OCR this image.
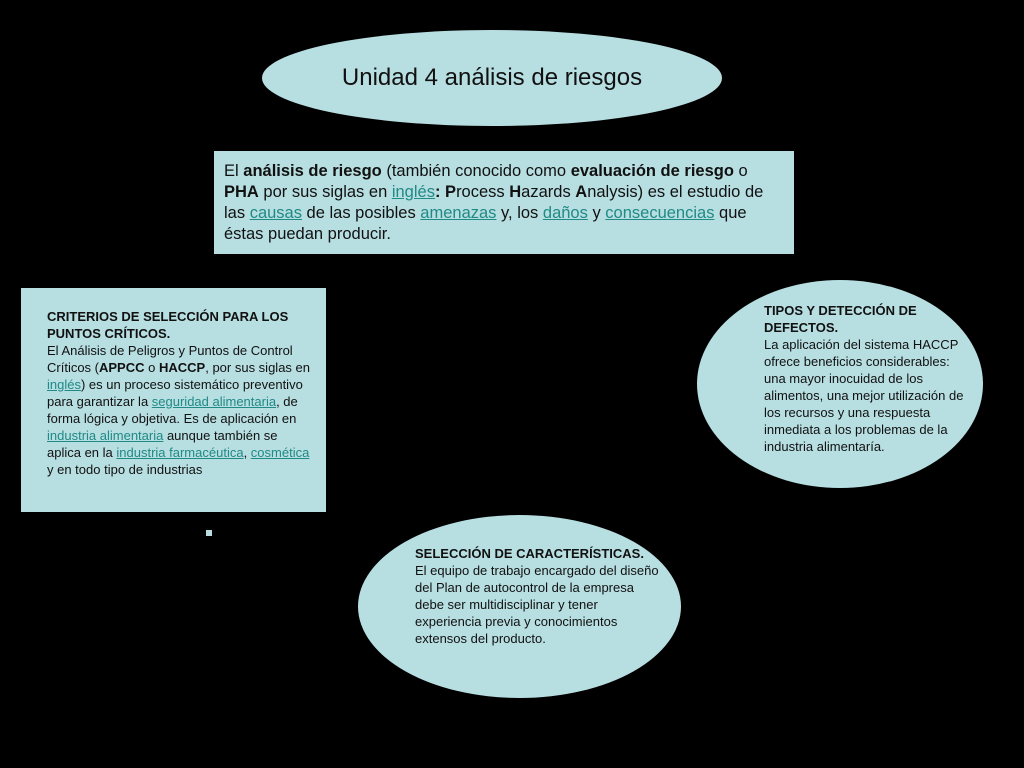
Unidad 4 análisis de riesgos
El análisis de riesgo (también conocido como evaluación de riesgo o PHA por sus siglas en inglés: Process Hazards Analysis) es el estudio de las causas de las posibles amenazas y, los daños y consecuencias que éstas puedan producir.
CRITERIOS DE SELECCIÓN PARA LOS PUNTOS CRÍTICOS.
El Análisis de Peligros y Puntos de Control Críticos (APPCC o HACCP, por sus siglas en inglés) es un proceso sistemático preventivo para garantizar la seguridad alimentaria, de forma lógica y objetiva. Es de aplicación en industria alimentaria aunque también se aplica en la industria farmacéutica, cosmética y en todo tipo de industrias
TIPOS Y DETECCIÓN DE DEFECTOS.
La aplicación del sistema HACCP ofrece beneficios considerables: una mayor inocuidad de los alimentos, una mejor utilización de los recursos y una respuesta inmediata a los problemas de la industria alimentaría.
SELECCIÓN DE CARACTERÍSTICAS.
El equipo de trabajo encargado del diseño del Plan de autocontrol de la empresa debe ser multidisciplinar y tener experiencia previa y conocimientos extensos del producto.
